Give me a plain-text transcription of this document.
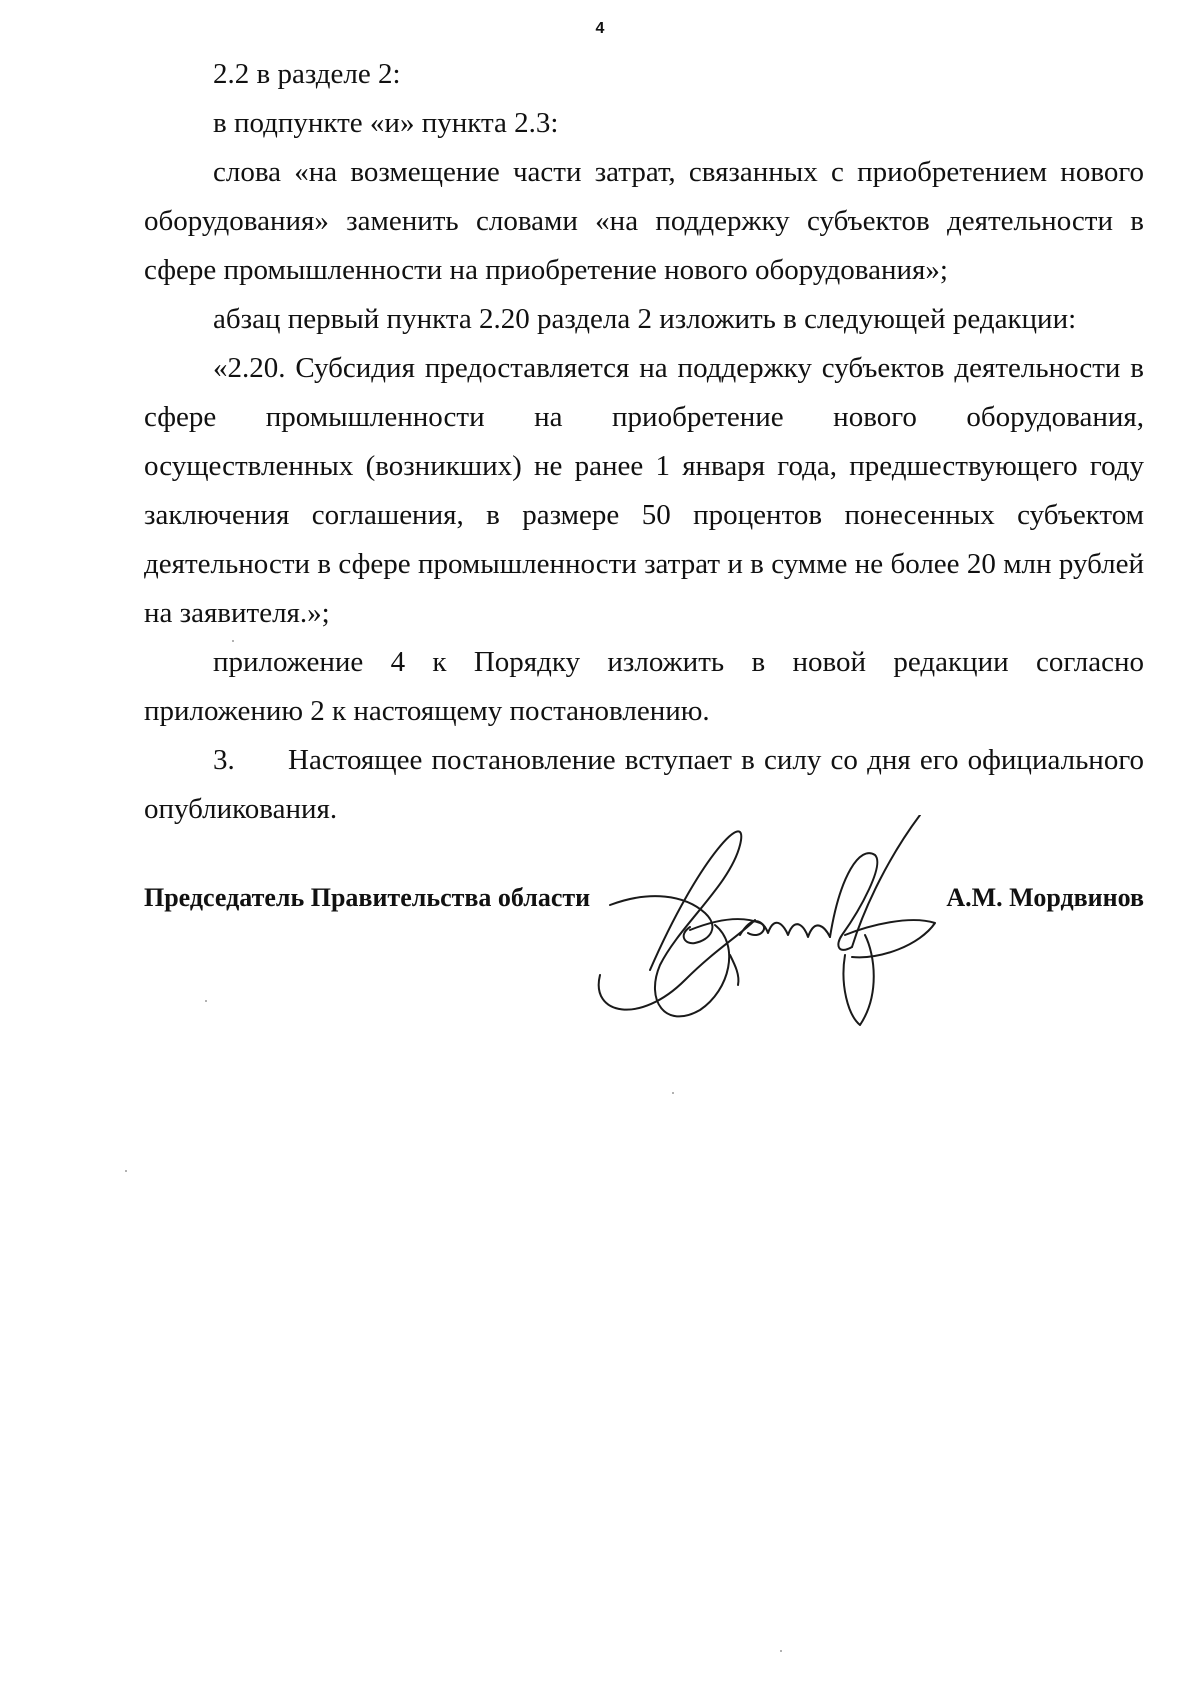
4

2.2 в разделе 2:

в подпункте «и» пункта 2.3:

слова «на возмещение части затрат, связанных с приобретением нового оборудования» заменить словами «на поддержку субъектов деятельности в сфере промышленности на приобретение нового оборудования»;

абзац первый пункта 2.20 раздела 2 изложить в следующей редакции:

«2.20. Субсидия предоставляется на поддержку субъектов деятельности в сфере промышленности на приобретение нового оборудования, осуществленных (возникших) не ранее 1 января года, предшествующего году заключения соглашения, в размере 50 процентов понесенных субъектом деятельности в сфере промышленности затрат и в сумме не более 20 млн рублей на заявителя.»;

приложение 4 к Порядку изложить в новой редакции согласно приложению 2 к настоящему постановлению.

3. Настоящее постановление вступает в силу со дня его официального опубликования.

Председатель Правительства области	А.М. Мордвинов
